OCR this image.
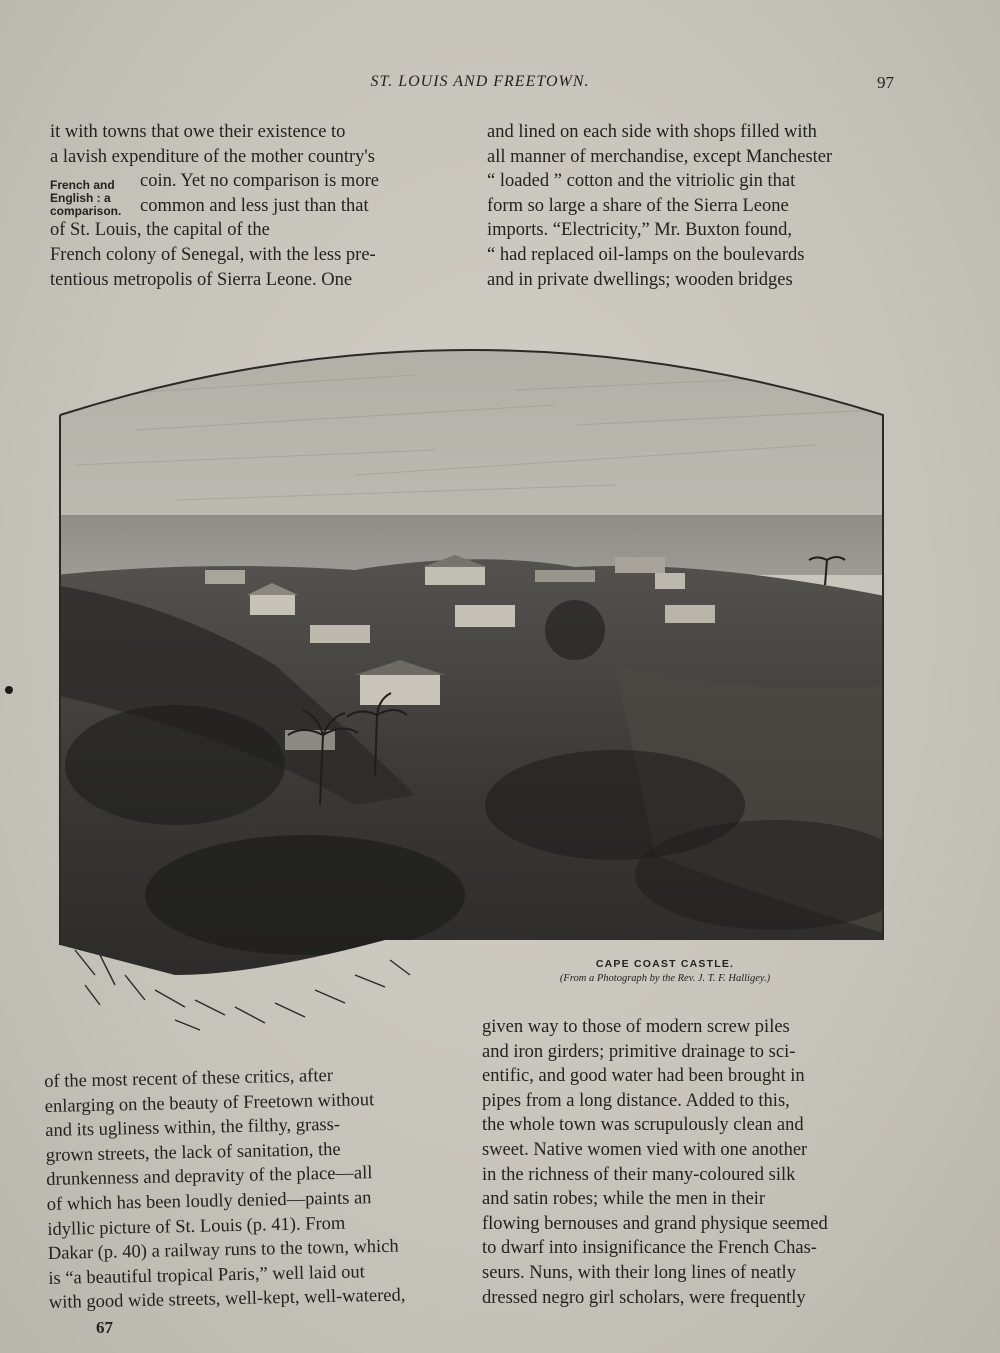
ST. LOUIS AND FREETOWN.	97

it with towns that owe their existence to

a lavish expenditure of the mother country's

French and English : a comparison.

coin. Yet no comparison is more

common and less just than that

of St. Louis, the capital of the

French colony of Senegal, with the less pre-

tentious metropolis of Sierra Leone. One

and lined on each side with shops filled with

all manner of merchandise, except Manchester

“ loaded ” cotton and the vitriolic gin that

form so large a share of the Sierra Leone

imports. “Electricity,” Mr. Buxton found,

“ had replaced oil-lamps on the boulevards

and in private dwellings; wooden bridges

CAPE COAST CASTLE.
(From a Photograph by the Rev. J. T. F. Halligey.)

of the most recent of these critics, after

enlarging on the beauty of Freetown without

and its ugliness within, the filthy, grass-

grown streets, the lack of sanitation, the

drunkenness and depravity of the place—all

of which has been loudly denied—paints an

idyllic picture of St. Louis (p. 41). From

Dakar (p. 40) a railway runs to the town, which

is “a beautiful tropical Paris,” well laid out

with good wide streets, well-kept, well-watered,

given way to those of modern screw piles

and iron girders; primitive drainage to sci-

entific, and good water had been brought in

pipes from a long distance. Added to this,

the whole town was scrupulously clean and

sweet. Native women vied with one another

in the richness of their many-coloured silk

and satin robes; while the men in their

flowing bernouses and grand physique seemed

to dwarf into insignificance the French Chas-

seurs. Nuns, with their long lines of neatly

dressed negro girl scholars, were frequently

67
